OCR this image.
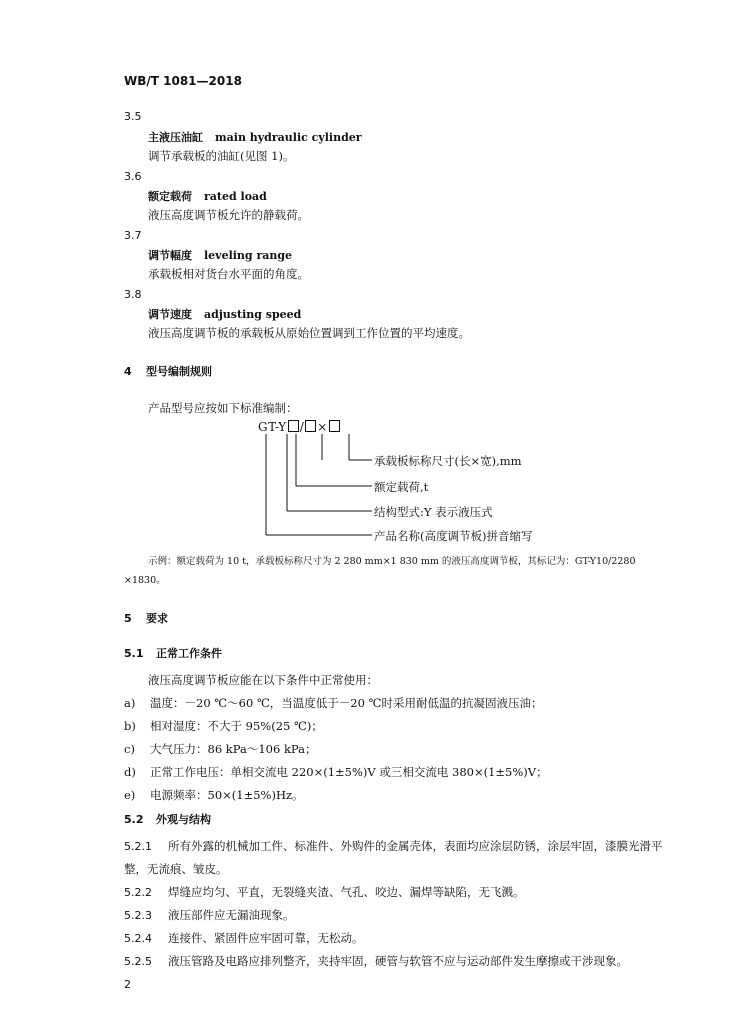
WB/T 1081—2018
3.5
主液压油缸 main hydraulic cylinder
调节承载板的油缸(见图 1)。
3.6
额定载荷 rated load
液压高度调节板允许的静载荷。
3.7
调节幅度 leveling range
承载板相对货台水平面的角度。
3.8
调节速度 adjusting speed
液压高度调节板的承载板从原始位置调到工作位置的平均速度。
4 型号编制规则
产品型号应按如下标准编制：
GT-Y / ×
承载板标称尺寸(长×宽),mm
额定载荷,t
结构型式:Y 表示液压式
产品名称(高度调节板)拼音缩写
示例：额定载荷为 10 t，承载板标称尺寸为 2 280 mm×1 830 mm 的液压高度调节板，其标记为：GT-Y10/2280
×1830。
5 要求
5.1 正常工作条件
液压高度调节板应能在以下条件中正常使用：
a) 温度：－20 ℃～60 ℃，当温度低于－20 ℃时采用耐低温的抗凝固液压油；
b) 相对湿度：不大于 95%(25 ℃)；
c) 大气压力：86 kPa～106 kPa；
d) 正常工作电压：单相交流电 220×(1±5%)V 或三相交流电 380×(1±5%)V；
e) 电源频率：50×(1±5%)Hz。
5.2 外观与结构
5.2.1 所有外露的机械加工件、标准件、外购件的金属壳体，表面均应涂层防锈，涂层牢固，漆膜光滑平
整，无流痕、皱皮。
5.2.2 焊缝应均匀、平直，无裂缝夹渣、气孔、咬边、漏焊等缺陷，无飞溅。
5.2.3 液压部件应无漏油现象。
5.2.4 连接件、紧固件应牢固可靠，无松动。
5.2.5 液压管路及电路应排列整齐，夹持牢固，硬管与软管不应与运动部件发生摩擦或干涉现象。
2
